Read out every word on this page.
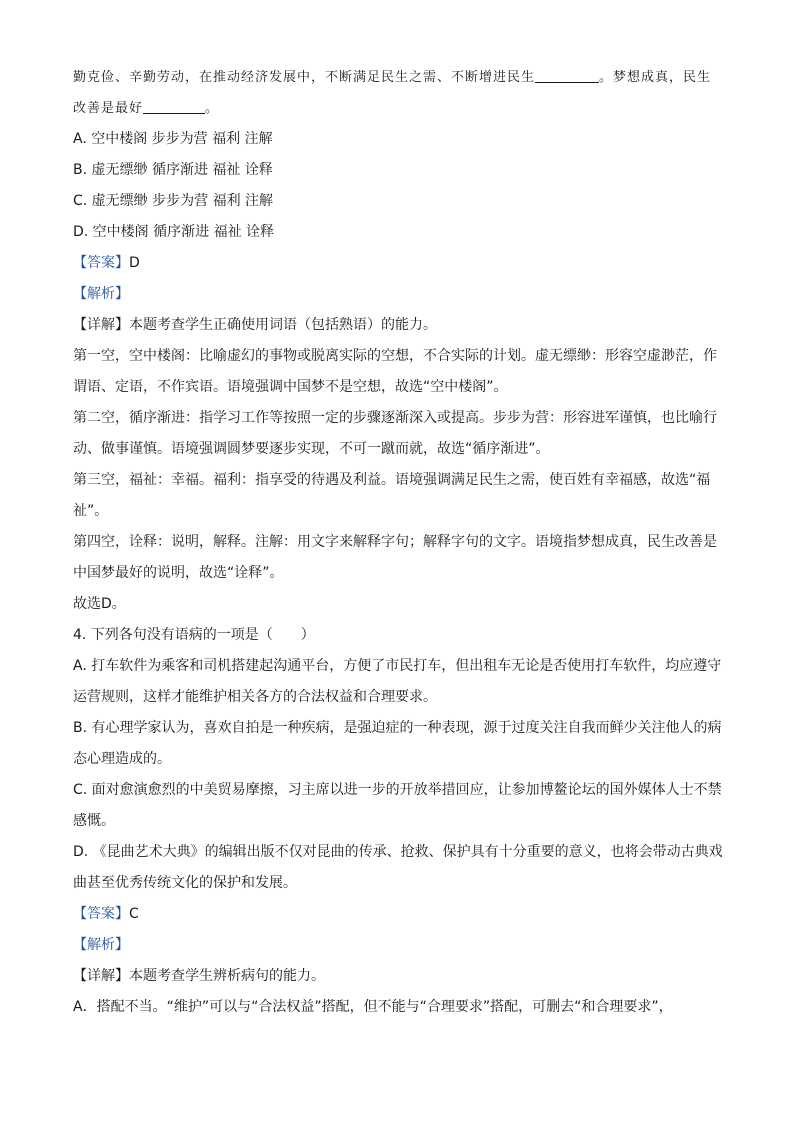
勤克俭、辛勤劳动，在推动经济发展中，不断满足民生之需、不断增进民生	。梦想成真，民生
改善是最好	。
A. 空中楼阁 步步为营 福利 注解
B. 虚无缥缈 循序渐进 福祉 诠释
C. 虚无缥缈 步步为营 福利 注解
D. 空中楼阁 循序渐进 福祉 诠释
【答案】D
【解析】
【详解】本题考查学生正确使用词语（包括熟语）的能力。
第一空，空中楼阁：比喻虚幻的事物或脱离实际的空想，不合实际的计划。虚无缥缈：形容空虚渺茫，作谓语、定语，不作宾语。语境强调中国梦不是空想，故选“空中楼阁”。
第二空，循序渐进：指学习工作等按照一定的步骤逐渐深入或提高。步步为营：形容进军谨慎，也比喻行动、做事谨慎。语境强调圆梦要逐步实现，不可一蹴而就，故选“循序渐进”。
第三空，福祉：幸福。福利：指享受的待遇及利益。语境强调满足民生之需，使百姓有幸福感，故选“福祉”。
第四空，诠释：说明，解释。注解：用文字来解释字句；解释字句的文字。语境指梦想成真，民生改善是中国梦最好的说明，故选“诠释”。
故选D。
4. 下列各句没有语病的一项是（　　）
A. 打车软件为乘客和司机搭建起沟通平台，方便了市民打车，但出租车无论是否使用打车软件，均应遵守运营规则，这样才能维护相关各方的合法权益和合理要求。
B. 有心理学家认为，喜欢自拍是一种疾病，是强迫症的一种表现，源于过度关注自我而鲜少关注他人的病态心理造成的。
C. 面对愈演愈烈的中美贸易摩擦，习主席以进一步的开放举措回应，让参加博鳌论坛的国外媒体人士不禁感慨。
D. 《昆曲艺术大典》的编辑出版不仅对昆曲的传承、抢救、保护具有十分重要的意义，也将会带动古典戏曲甚至优秀传统文化的保护和发展。
【答案】C
【解析】
【详解】本题考查学生辨析病句的能力。
A．搭配不当。“维护”可以与“合法权益”搭配，但不能与“合理要求”搭配，可删去“和合理要求”，
